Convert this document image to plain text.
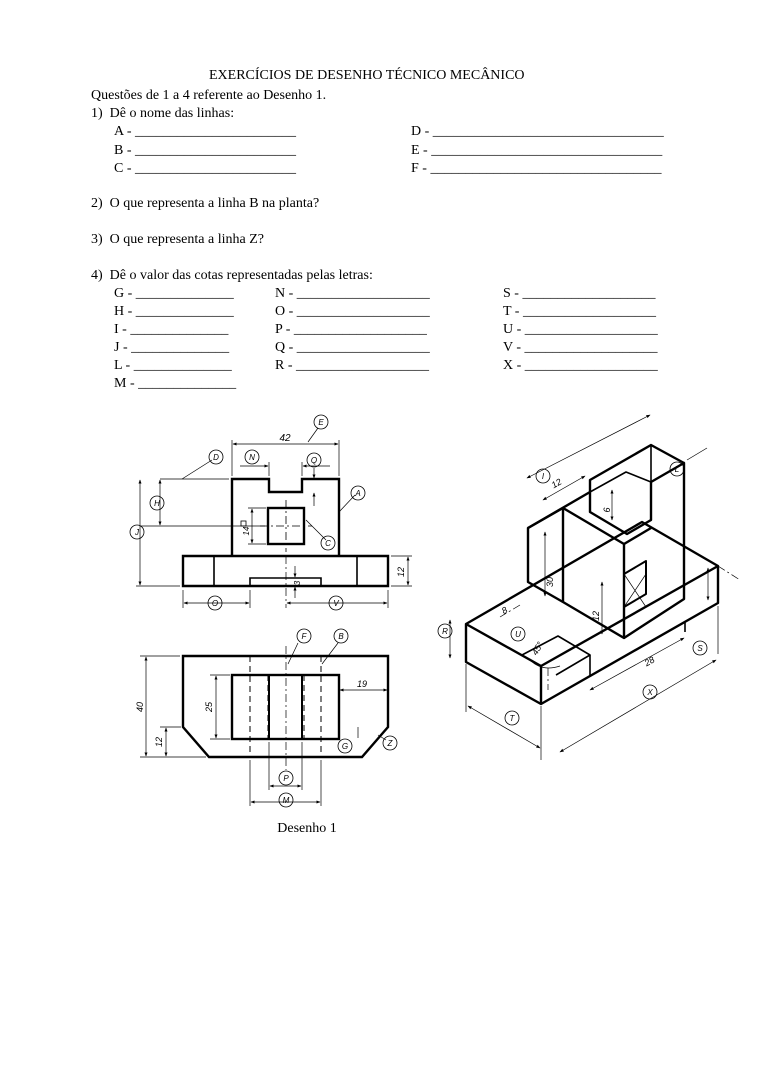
EXERCÍCIOS DE DESENHO TÉCNICO MECÂNICO
Questões de 1 a 4 referente ao Desenho 1.
1)  Dê o nome das linhas:
A - _______________________
B - _______________________
C - _______________________
D - _________________________________
E - _________________________________
F - _________________________________
2)  O que representa a linha B na planta?
3)  O que representa a linha Z?
4)  Dê o valor das cotas representadas pelas letras:
G - ______________
H - ______________
I - ______________
J - ______________
L - ______________
M - ______________
N - ___________________
O - ___________________
P - ___________________
Q - ___________________
R - ___________________
S - ___________________
T - ___________________
U - ___________________
V - ___________________
X - ___________________
42
14
3
12
E
D	N	Q
A
H
J
C
O	V
40
12
25
19
F	B
G	Z
P
M
Desenho 1
12
6
30
12
8
45°
28
I
L
R	U
S
X
T
